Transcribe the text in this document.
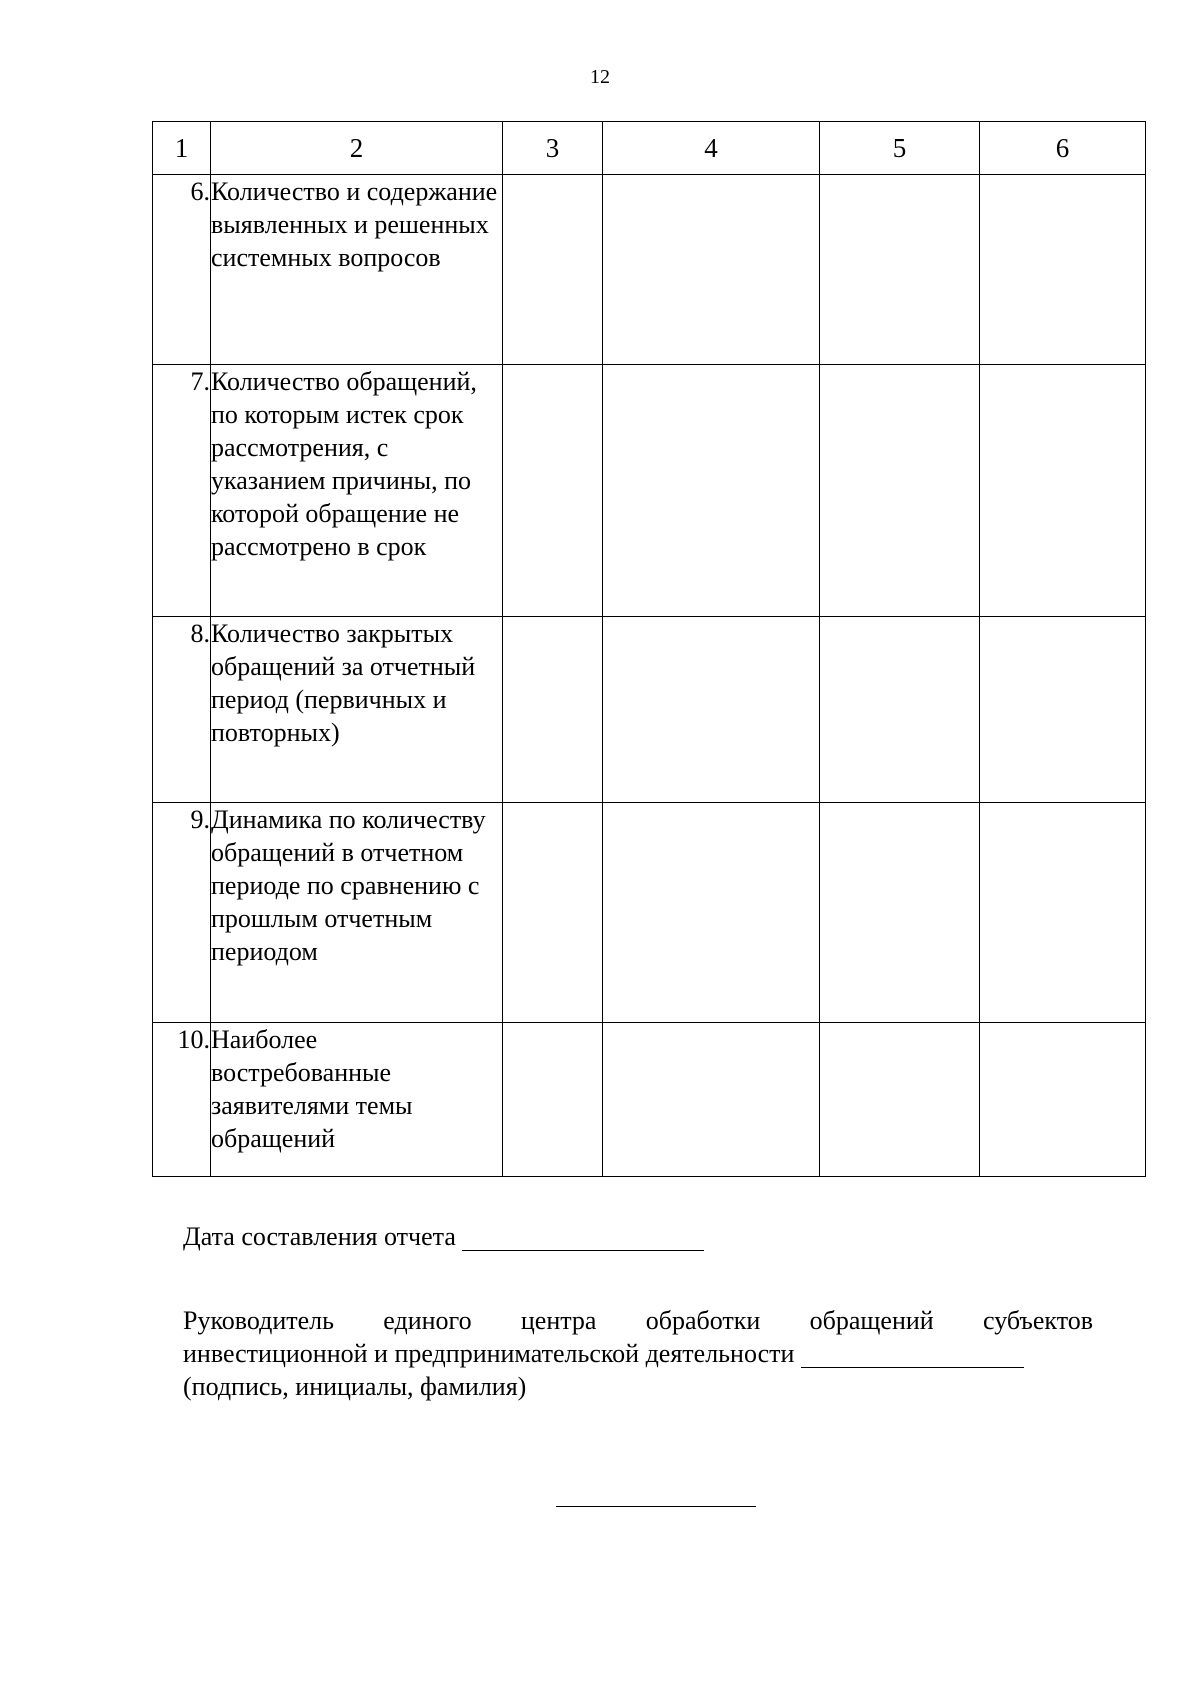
12
1	2	3	4	5	6
6.	Количество и содержание выявленных и решенных системных вопросов				
7.	Количество обращений, по которым истек срок рассмотрения, с указанием причины, по которой обращение не рассмотрено в срок				
8.	Количество закрытых обращений за отчетный период (первичных и повторных)				
9.	Динамика по количеству обращений в отчетном периоде по сравнению с прошлым отчетным периодом				
10.	Наиболее востребованные заявителями темы обращений				
Дата составления отчета
Руководитель единого центра обработки обращений субъектов
инвестиционной и предпринимательской деятельности
(подпись, инициалы, фамилия)
